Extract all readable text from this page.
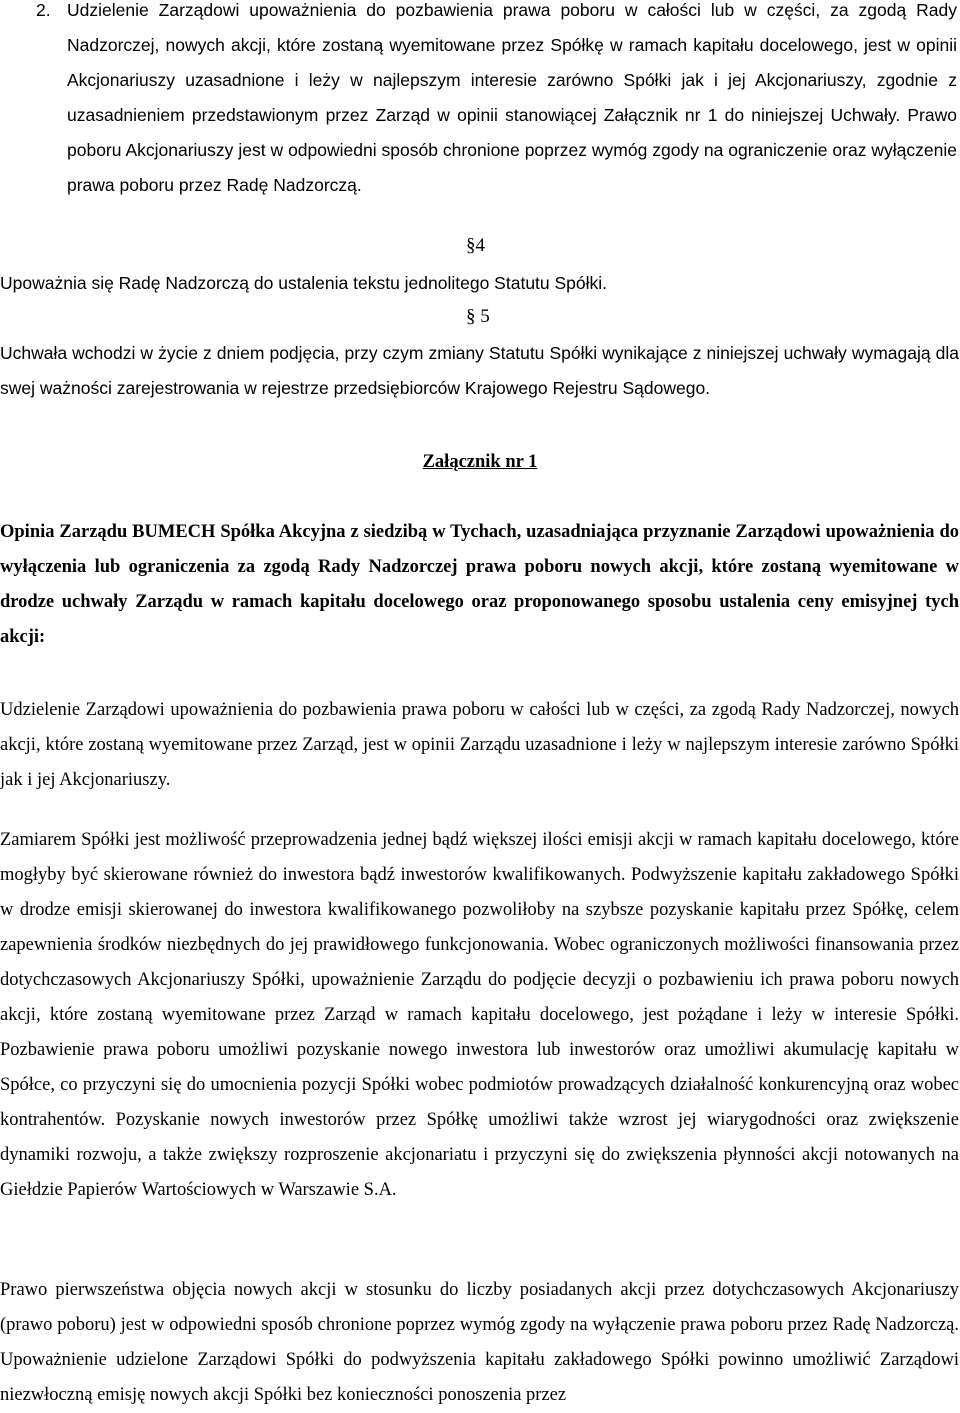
2. Udzielenie Zarządowi upoważnienia do pozbawienia prawa poboru w całości lub w części, za zgodą Rady Nadzorczej, nowych akcji, które zostaną wyemitowane przez Spółkę w ramach kapitału docelowego, jest w opinii Akcjonariuszy uzasadnione i leży w najlepszym interesie zarówno Spółki jak i jej Akcjonariuszy, zgodnie z uzasadnieniem przedstawionym przez Zarząd w opinii stanowiącej Załącznik nr 1 do niniejszej Uchwały. Prawo poboru Akcjonariuszy jest w odpowiedni sposób chronione poprzez wymóg zgody na ograniczenie oraz wyłączenie prawa poboru przez Radę Nadzorczą.
§4
Upoważnia się Radę Nadzorczą do ustalenia tekstu jednolitego Statutu Spółki.
§ 5
Uchwała wchodzi w życie z dniem podjęcia, przy czym zmiany Statutu Spółki wynikające z niniejszej uchwały wymagają dla swej ważności zarejestrowania w rejestrze przedsiębiorców Krajowego Rejestru Sądowego.
Załącznik nr 1
Opinia Zarządu BUMECH Spółka Akcyjna z siedzibą w Tychach, uzasadniająca przyznanie Zarządowi upoważnienia do wyłączenia lub ograniczenia za zgodą Rady Nadzorczej prawa poboru nowych akcji, które zostaną wyemitowane w drodze uchwały Zarządu w ramach kapitału docelowego oraz proponowanego sposobu ustalenia ceny emisyjnej tych akcji:
Udzielenie Zarządowi upoważnienia do pozbawienia prawa poboru w całości lub w części, za zgodą Rady Nadzorczej, nowych akcji, które zostaną wyemitowane przez Zarząd, jest w opinii Zarządu uzasadnione i leży w najlepszym interesie zarówno Spółki jak i jej Akcjonariuszy.
Zamiarem Spółki jest możliwość przeprowadzenia jednej bądź większej ilości emisji akcji w ramach kapitału docelowego, które mogłyby być skierowane również do inwestora bądź inwestorów kwalifikowanych. Podwyższenie kapitału zakładowego Spółki w drodze emisji skierowanej do inwestora kwalifikowanego pozwoliłoby na szybsze pozyskanie kapitału przez Spółkę, celem zapewnienia środków niezbędnych do jej prawidłowego funkcjonowania. Wobec ograniczonych możliwości finansowania przez dotychczasowych Akcjonariuszy Spółki, upoważnienie Zarządu do podjęcie decyzji o pozbawieniu ich prawa poboru nowych akcji, które zostaną wyemitowane przez Zarząd w ramach kapitału docelowego, jest pożądane i leży w interesie Spółki. Pozbawienie prawa poboru umożliwi pozyskanie nowego inwestora lub inwestorów oraz umożliwi akumulację kapitału w Spółce, co przyczyni się do umocnienia pozycji Spółki wobec podmiotów prowadzących działalność konkurencyjną oraz wobec kontrahentów. Pozyskanie nowych inwestorów przez Spółkę umożliwi także wzrost jej wiarygodności oraz zwiększenie dynamiki rozwoju, a także zwiększy rozproszenie akcjonariatu i przyczyni się do zwiększenia płynności akcji notowanych na Giełdzie Papierów Wartościowych w Warszawie S.A.
Prawo pierwszeństwa objęcia nowych akcji w stosunku do liczby posiadanych akcji przez dotychczasowych Akcjonariuszy (prawo poboru) jest w odpowiedni sposób chronione poprzez wymóg zgody na wyłączenie prawa poboru przez Radę Nadzorczą. Upoważnienie udzielone Zarządowi Spółki do podwyższenia kapitału zakładowego Spółki powinno umożliwić Zarządowi niezwłoczną emisję nowych akcji Spółki bez konieczności ponoszenia przez
